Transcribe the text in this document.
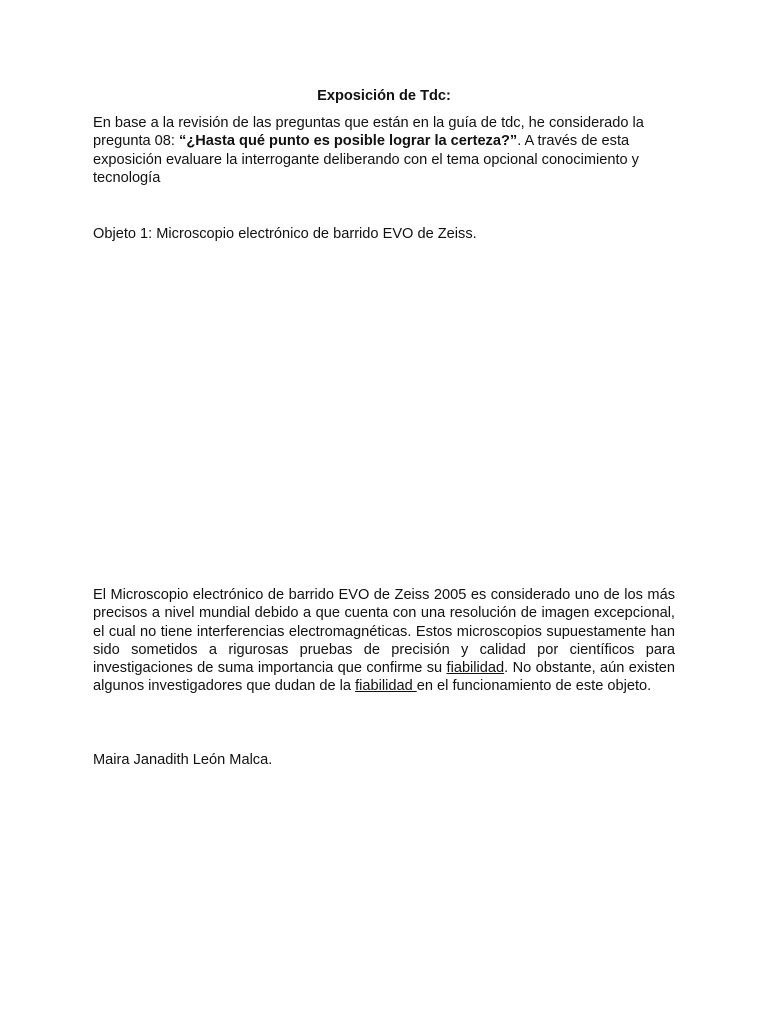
Exposición de Tdc:

En base a la revisión de las preguntas que están en la guía de tdc, he considerado la pregunta 08: “¿Hasta qué punto es posible lograr la certeza?”. A través de esta exposición evaluare la interrogante deliberando con el tema opcional conocimiento y tecnología

Objeto 1: Microscopio electrónico de barrido EVO de Zeiss.

El Microscopio electrónico de barrido EVO de Zeiss 2005 es considerado uno de los más precisos a nivel mundial debido a que cuenta con una resolución de imagen excepcional, el cual no tiene interferencias electromagnéticas. Estos microscopios supuestamente han sido sometidos a rigurosas pruebas de precisión y calidad por científicos para investigaciones de suma importancia que confirme su fiabilidad. No obstante, aún existen algunos investigadores que dudan de la fiabilidad en el funcionamiento de este objeto.

Maira Janadith León Malca.
